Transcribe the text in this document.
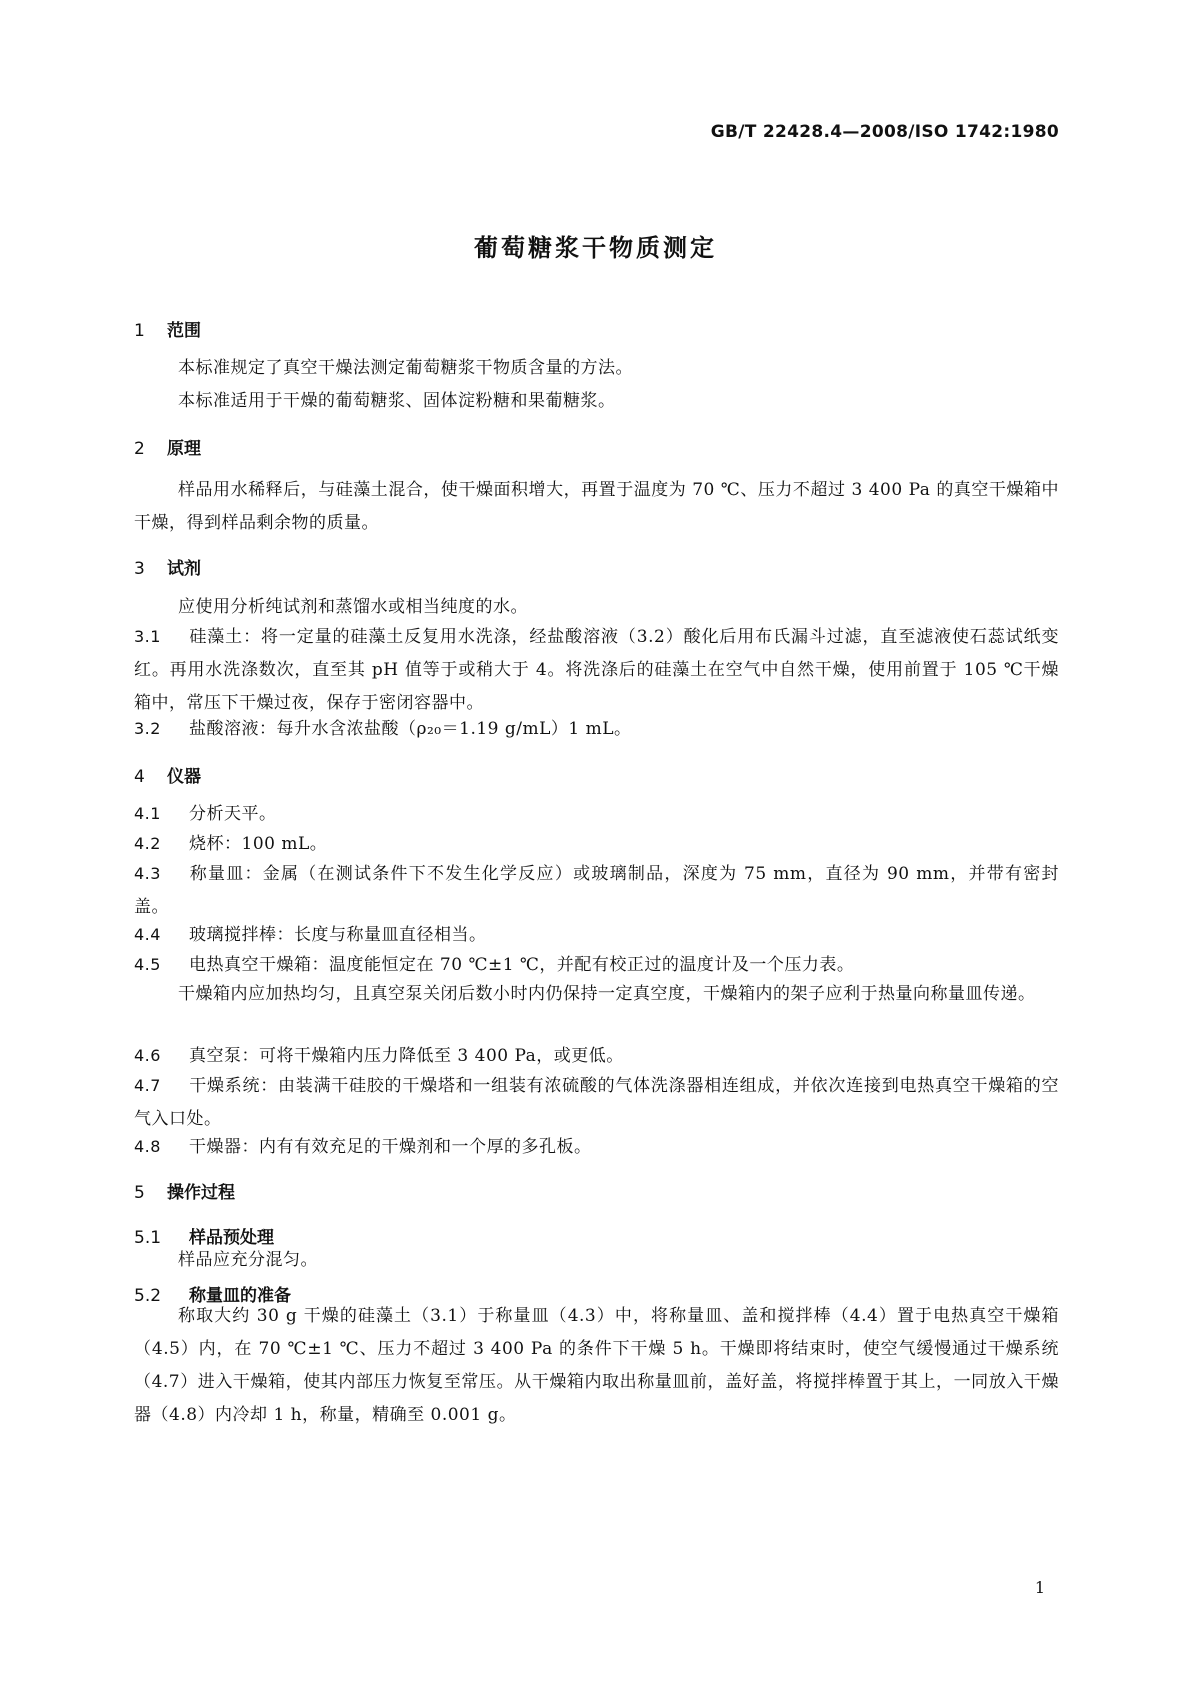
GB/T 22428.4—2008/ISO 1742:1980
葡萄糖浆干物质测定
1 范围
本标准规定了真空干燥法测定葡萄糖浆干物质含量的方法。
本标准适用于干燥的葡萄糖浆、固体淀粉糖和果葡糖浆。
2 原理
样品用水稀释后，与硅藻土混合，使干燥面积增大，再置于温度为 70 ℃、压力不超过 3 400 Pa 的真空干燥箱中干燥，得到样品剩余物的质量。
3 试剂
应使用分析纯试剂和蒸馏水或相当纯度的水。
3.1 硅藻土：将一定量的硅藻土反复用水洗涤，经盐酸溶液（3.2）酸化后用布氏漏斗过滤，直至滤液使石蕊试纸变红。再用水洗涤数次，直至其 pH 值等于或稍大于 4。将洗涤后的硅藻土在空气中自然干燥，使用前置于 105 ℃干燥箱中，常压下干燥过夜，保存于密闭容器中。
3.2 盐酸溶液：每升水含浓盐酸（ρ₂₀＝1.19 g/mL）1 mL。
4 仪器
4.1 分析天平。
4.2 烧杯：100 mL。
4.3 称量皿：金属（在测试条件下不发生化学反应）或玻璃制品，深度为 75 mm，直径为 90 mm，并带有密封盖。
4.4 玻璃搅拌棒：长度与称量皿直径相当。
4.5 电热真空干燥箱：温度能恒定在 70 ℃±1 ℃，并配有校正过的温度计及一个压力表。
干燥箱内应加热均匀，且真空泵关闭后数小时内仍保持一定真空度，干燥箱内的架子应利于热量向称量皿传递。
4.6 真空泵：可将干燥箱内压力降低至 3 400 Pa，或更低。
4.7 干燥系统：由装满干硅胶的干燥塔和一组装有浓硫酸的气体洗涤器相连组成，并依次连接到电热真空干燥箱的空气入口处。
4.8 干燥器：内有有效充足的干燥剂和一个厚的多孔板。
5 操作过程
5.1 样品预处理
样品应充分混匀。
5.2 称量皿的准备
称取大约 30 g 干燥的硅藻土（3.1）于称量皿（4.3）中，将称量皿、盖和搅拌棒（4.4）置于电热真空干燥箱（4.5）内，在 70 ℃±1 ℃、压力不超过 3 400 Pa 的条件下干燥 5 h。干燥即将结束时，使空气缓慢通过干燥系统（4.7）进入干燥箱，使其内部压力恢复至常压。从干燥箱内取出称量皿前，盖好盖，将搅拌棒置于其上，一同放入干燥器（4.8）内冷却 1 h，称量，精确至 0.001 g。
1
